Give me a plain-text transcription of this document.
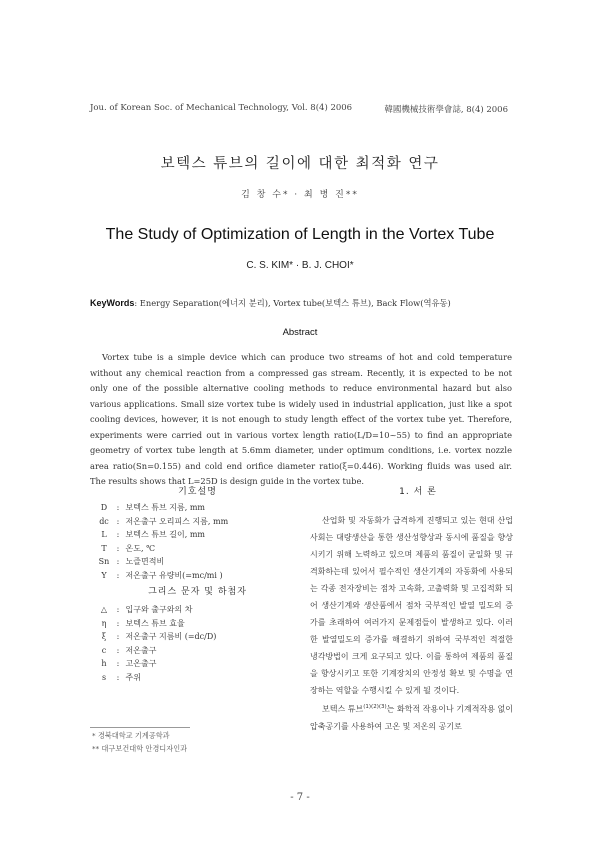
Jou. of Korean Soc. of Mechanical Technology, Vol. 8(4) 2006	韓國機械技術學會誌, 8(4) 2006
보텍스 튜브의 길이에 대한 최적화 연구
김 창 수* · 최 병 진**
The Study of Optimization of Length in the Vortex Tube
C. S. KIM* · B. J. CHOI*
KeyWords: Energy Separation(에너지 분리), Vortex tube(보텍스 튜브), Back Flow(역유동)
Abstract
Vortex tube is a simple device which can produce two streams of hot and cold temperature without any chemical reaction from a compressed gas stream. Recently, it is expected to be not only one of the possible alternative cooling methods to reduce environmental hazard but also various applications. Small size vortex tube is widely used in industrial application, just like a spot cooling devices, however, it is not enough to study length effect of the vortex tube yet. Therefore, experiments were carried out in various vortex length ratio(L/D=10~55) to find an appropriate geometry of vortex tube length at 5.6mm diameter, under optimum conditions, i.e. vortex nozzle area ratio(Sn=0.155) and cold end orifice diameter ratio(ξ=0.446). Working fluids was used air. The results shows that L=25D is design guide in the vortex tube.
기호설명
D : 보텍스 튜브 지름, mm
dc : 저온출구 오리피스 지름, mm
L : 보텍스 튜브 길이, mm
T : 온도, ℃
Sn : 노즐면적비
Y : 저온출구 유량비(=mc/mi )
그리스 문자 및 하첨자
△ : 입구와 출구와의 차
η : 보텍스 튜브 효율
ξ : 저온출구 지름비 (=dc/D)
c : 저온출구
h : 고온출구
s : 주위
* 경북대학교 기계공학과
** 대구보건대학 안경디자인과
1. 서 론

산업화 및 자동화가 급격하게 진행되고 있는 현대 산업사회는 대량생산을 통한 생산성향상과 동시에 품질을 향상시키기 위해 노력하고 있으며 제품의 품질이 균일화 및 규격화하는데 있어서 필수적인 생산기계의 자동화에 사용되는 각종 전자장비는 점차 고속화, 고출력화 및 고집적화 되어 생산기계와 생산품에서 점차 국부적인 발열 밀도의 증가를 초래하여 여러가지 문제점들이 발생하고 있다. 이러한 발열밀도의 증가를 해결하기 위하여 국부적인 적절한 냉각방법이 크게 요구되고 있다. 이를 통하여 제품의 품질을 향상시키고 또한 기계장치의 안정성 확보 및 수명을 연장하는 역할을 수행시킬 수 있게 될 것이다.

보텍스 튜브$^{(1)(2)(3)}$는 화학적 작용이나 기계적작용 없이 압축공기를 사용하여 고온 및 저온의 공기로

- 7 -
